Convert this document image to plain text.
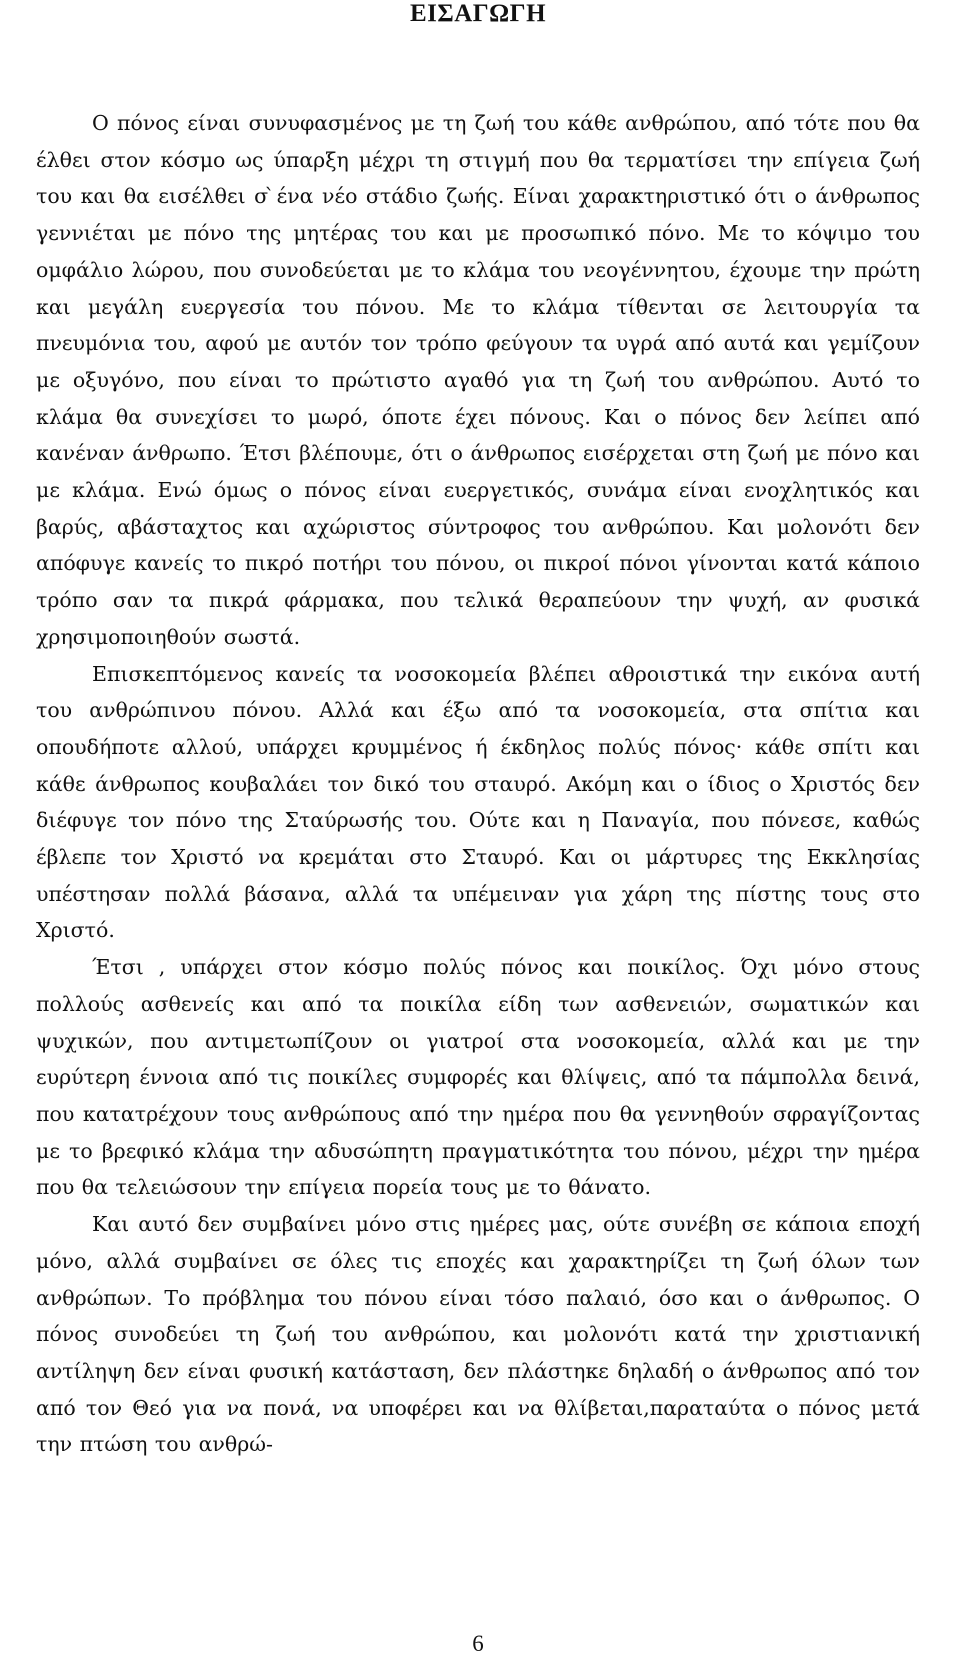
ΕΙΣΑΓΩΓΗ

Ο πόνος είναι συνυφασμένος με τη ζωή του κάθε ανθρώπου, από τότε που θα έλθει στον κόσμο ως ύπαρξη μέχρι τη στιγμή που θα τερματίσει την επίγεια ζωή του και θα εισέλθει σ ̀ένα νέο στάδιο ζωής. Είναι χαρακτηριστικό ότι ο άνθρωπος γεννιέται με πόνο της μητέρας του και με προσωπικό πόνο. Με το κόψιμο του ομφάλιο λώρου, που συνοδεύεται με το κλάμα του νεογέννητου, έχουμε την πρώτη και μεγάλη ευεργεσία του πόνου. Με το κλάμα τίθενται σε λειτουργία τα πνευμόνια του, αφού με αυτόν τον τρόπο φεύγουν τα υγρά από αυτά και γεμίζουν με οξυγόνο, που είναι το πρώτιστο αγαθό για τη ζωή του ανθρώπου. Αυτό το κλάμα θα συνεχίσει το μωρό, όποτε έχει πόνους. Και ο πόνος δεν λείπει από κανέναν άνθρωπο. Έτσι βλέπουμε, ότι ο άνθρωπος εισέρχεται στη ζωή με πόνο και με κλάμα. Ενώ όμως ο πόνος είναι ευεργετικός, συνάμα είναι ενοχλητικός και βαρύς, αβάσταχτος και αχώριστος σύντροφος του ανθρώπου. Και μολονότι δεν απόφυγε κανείς το πικρό ποτήρι του πόνου, οι πικροί πόνοι γίνονται κατά κάποιο τρόπο σαν τα πικρά φάρμακα, που τελικά θεραπεύουν την ψυχή, αν φυσικά χρησιμοποιηθούν σωστά.

Επισκεπτόμενος κανείς τα νοσοκομεία βλέπει αθροιστικά την εικόνα αυτή του ανθρώπινου πόνου. Αλλά και έξω από τα νοσοκομεία, στα σπίτια και οπουδήποτε αλλού, υπάρχει κρυμμένος ή έκδηλος πολύς πόνος· κάθε σπίτι και κάθε άνθρωπος κουβαλάει τον δικό του σταυρό. Ακόμη και ο ίδιος ο Χριστός δεν διέφυγε τον πόνο της Σταύρωσής του. Ούτε και η Παναγία, που πόνεσε, καθώς έβλεπε τον Χριστό να κρεμάται στο Σταυρό. Και οι μάρτυρες της Εκκλησίας υπέστησαν πολλά βάσανα, αλλά τα υπέμειναν για χάρη της πίστης τους στο Χριστό.

Έτσι , υπάρχει στον κόσμο πολύς πόνος και ποικίλος. Όχι μόνο στους πολλούς ασθενείς και από τα ποικίλα είδη των ασθενειών, σωματικών και ψυχικών, που αντιμετωπίζουν οι γιατροί στα νοσοκομεία, αλλά και με την ευρύτερη έννοια από τις ποικίλες συμφορές και θλίψεις, από τα πάμπολλα δεινά, που κατατρέχουν τους ανθρώπους από την ημέρα που θα γεννηθούν σφραγίζοντας με το βρεφικό κλάμα την αδυσώπητη πραγματικότητα του πόνου, μέχρι την ημέρα που θα τελειώσουν την επίγεια πορεία τους με το θάνατο.

Και αυτό δεν συμβαίνει μόνο στις ημέρες μας, ούτε συνέβη σε κάποια εποχή μόνο, αλλά συμβαίνει σε όλες τις εποχές και χαρακτηρίζει τη ζωή όλων των ανθρώπων. Το πρόβλημα του πόνου είναι τόσο παλαιό, όσο και ο άνθρωπος. Ο πόνος συνοδεύει τη ζωή του ανθρώπου, και μολονότι κατά την χριστιανική αντίληψη δεν είναι φυσική κατάσταση, δεν πλάστηκε δηλαδή ο άνθρωπος από τον από τον Θεό για να πονά, να υποφέρει και να θλίβεται,παραταύτα ο πόνος μετά την πτώση του ανθρώ-

6
